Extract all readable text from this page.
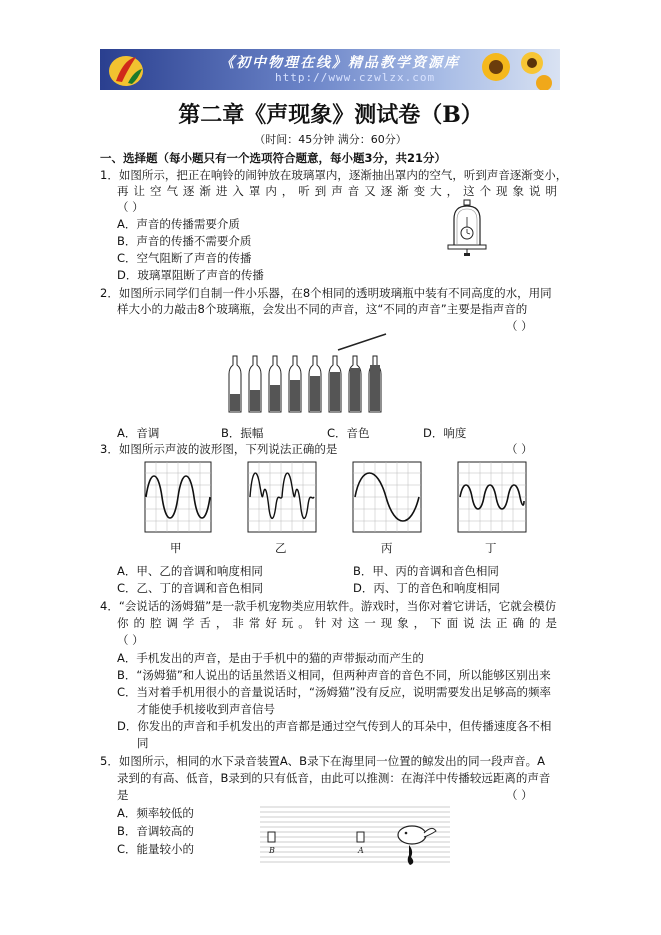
《初中物理在线》精品教学资源库
http://www.czwlzx.com
第二章《声现象》测试卷（B）
（时间：45分钟 满分：60分）
一、选择题（每小题只有一个选项符合题意，每小题3分，共21分）
1．如图所示，把正在响铃的闹钟放在玻璃罩内，逐渐抽出罩内的空气，听到声音逐渐变小，
再让空气逐渐进入罩内，听到声音又逐渐变大，这个现象说明
（ ）
A．声音的传播需要介质
B．声音的传播不需要介质
C．空气阻断了声音的传播
D．玻璃罩阻断了声音的传播
2．如图所示同学们自制一件小乐器，在8个相同的透明玻璃瓶中装有不同高度的水，用同
样大小的力敲击8个玻璃瓶，会发出不同的声音，这“不同的声音”主要是指声音的
（ ）
A．音调	B．振幅	C．音色	D．响度
3．如图所示声波的波形图，下列说法正确的是	（ ）
甲	乙	丙	丁
A．甲、乙的音调和响度相同	B．甲、丙的音调和音色相同
C．乙、丁的音调和音色相同	D．丙、丁的音色和响度相同
4．“会说话的汤姆猫”是一款手机宠物类应用软件。游戏时，当你对着它讲话，它就会模仿
你的腔调学舌，非常好玩。针对这一现象，下面说法正确的是
（ ）
A．手机发出的声音，是由于手机中的猫的声带振动而产生的
B．“汤姆猫”和人说出的话虽然语义相同，但两种声音的音色不同，所以能够区别出来
C．当对着手机用很小的音量说话时，“汤姆猫”没有反应，说明需要发出足够高的频率
才能使手机接收到声音信号
D．你发出的声音和手机发出的声音都是通过空气传到人的耳朵中，但传播速度各不相
同
5．如图所示，相同的水下录音装置A、B录下在海里同一位置的鲸发出的同一段声音。A
录到的有高、低音，B录到的只有低音，由此可以推测：在海洋中传播较远距离的声音
是	（ ）
A．频率较低的
B．音调较高的
C．能量较小的	B	A
